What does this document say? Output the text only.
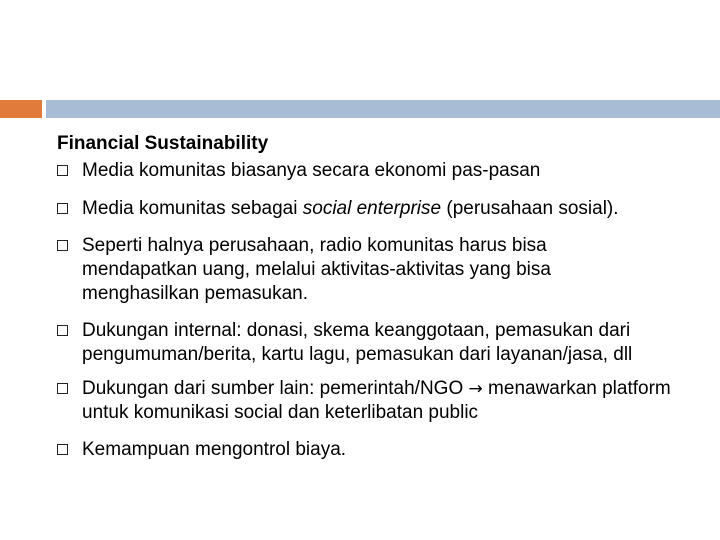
Financial Sustainability
Media komunitas biasanya secara ekonomi pas-pasan
Media komunitas sebagai social enterprise (perusahaan sosial).
Seperti halnya perusahaan, radio komunitas harus bisa mendapatkan uang, melalui aktivitas-aktivitas yang bisa menghasilkan pemasukan.
Dukungan internal: donasi, skema keanggotaan, pemasukan dari pengumuman/berita, kartu lagu, pemasukan dari layanan/jasa, dll
Dukungan dari sumber lain: pemerintah/NGO → menawarkan platform untuk komunikasi social dan keterlibatan public
Kemampuan mengontrol biaya.
